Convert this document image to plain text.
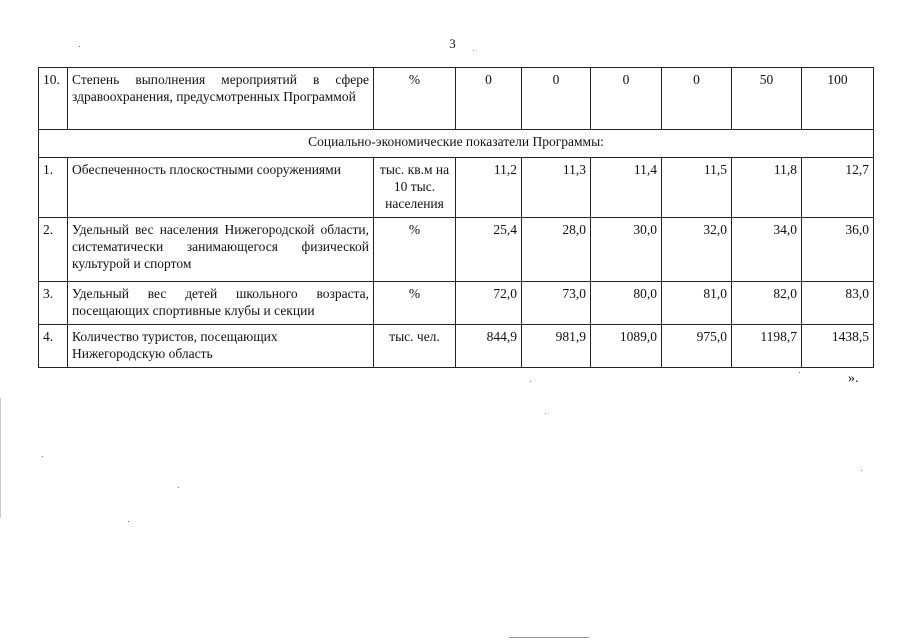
3
10.	Степень выполнения мероприятий в сфере здравоохранения, предусмотренных Программой	%	0	0	0	0	50	100
Социально-экономические показатели Программы:								
1.	Обеспеченность плоскостными сооружениями	тыс. кв.м на 10 тыс. населения	11,2	11,3	11,4	11,5	11,8	12,7
2.	Удельный вес населения Нижегородской области, систематически занимающегося физической культурой и спортом	%	25,4	28,0	30,0	32,0	34,0	36,0
3.	Удельный вес детей школьного возраста, посещающих спортивные клубы и секции	%	72,0	73,0	80,0	81,0	82,0	83,0
4.	Количество туристов, посещающих Нижегородскую область	тыс. чел.	844,9	981,9	1089,0	975,0	1198,7	1438,5
».
